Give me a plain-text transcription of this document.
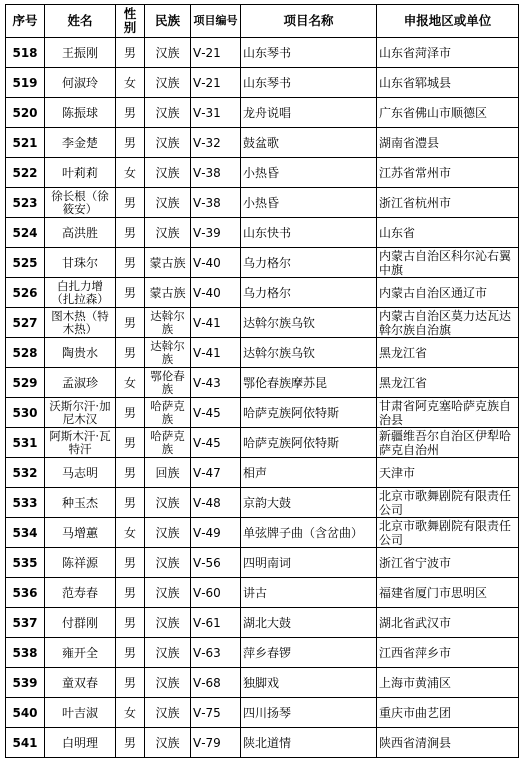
序号	姓名	性别	民族	项目编号	项目名称	申报地区或单位
518	王振刚	男	汉族	Ⅴ-21	山东琴书	山东省菏泽市
519	何淑玲	女	汉族	Ⅴ-21	山东琴书	山东省郓城县
520	陈振球	男	汉族	Ⅴ-31	龙舟说唱	广东省佛山市顺德区
521	李金楚	男	汉族	Ⅴ-32	鼓盆歌	湖南省澧县
522	叶莉莉	女	汉族	Ⅴ-38	小热昏	江苏省常州市
523	徐长根（徐筱安）	男	汉族	Ⅴ-38	小热昏	浙江省杭州市
524	高洪胜	男	汉族	Ⅴ-39	山东快书	山东省
525	甘珠尔	男	蒙古族	Ⅴ-40	乌力格尔	内蒙古自治区科尔沁右翼中旗
526	白扎力增（扎拉森）	男	蒙古族	Ⅴ-40	乌力格尔	内蒙古自治区通辽市
527	图木热（特木热）	男	达斡尔族	Ⅴ-41	达斡尔族乌钦	内蒙古自治区莫力达瓦达斡尔族自治旗
528	陶贵水	男	达斡尔族	Ⅴ-41	达斡尔族乌钦	黑龙江省
529	孟淑珍	女	鄂伦春族	Ⅴ-43	鄂伦春族摩苏昆	黑龙江省
530	沃斯尔汗·加尼木汉	男	哈萨克族	Ⅴ-45	哈萨克族阿依特斯	甘肃省阿克塞哈萨克族自治县
531	阿斯木汗·瓦特汗	男	哈萨克族	Ⅴ-45	哈萨克族阿依特斯	新疆维吾尔自治区伊犁哈萨克自治州
532	马志明	男	回族	Ⅴ-47	相声	天津市
533	种玉杰	男	汉族	Ⅴ-48	京韵大鼓	北京市歌舞剧院有限责任公司
534	马增蕙	女	汉族	Ⅴ-49	单弦牌子曲（含岔曲）	北京市歌舞剧院有限责任公司
535	陈祥源	男	汉族	Ⅴ-56	四明南词	浙江省宁波市
536	范寿春	男	汉族	Ⅴ-60	讲古	福建省厦门市思明区
537	付群刚	男	汉族	Ⅴ-61	湖北大鼓	湖北省武汉市
538	雍开全	男	汉族	Ⅴ-63	萍乡春锣	江西省萍乡市
539	童双春	男	汉族	Ⅴ-68	独脚戏	上海市黄浦区
540	叶吉淑	女	汉族	Ⅴ-75	四川扬琴	重庆市曲艺团
541	白明理	男	汉族	Ⅴ-79	陕北道情	陕西省清涧县
